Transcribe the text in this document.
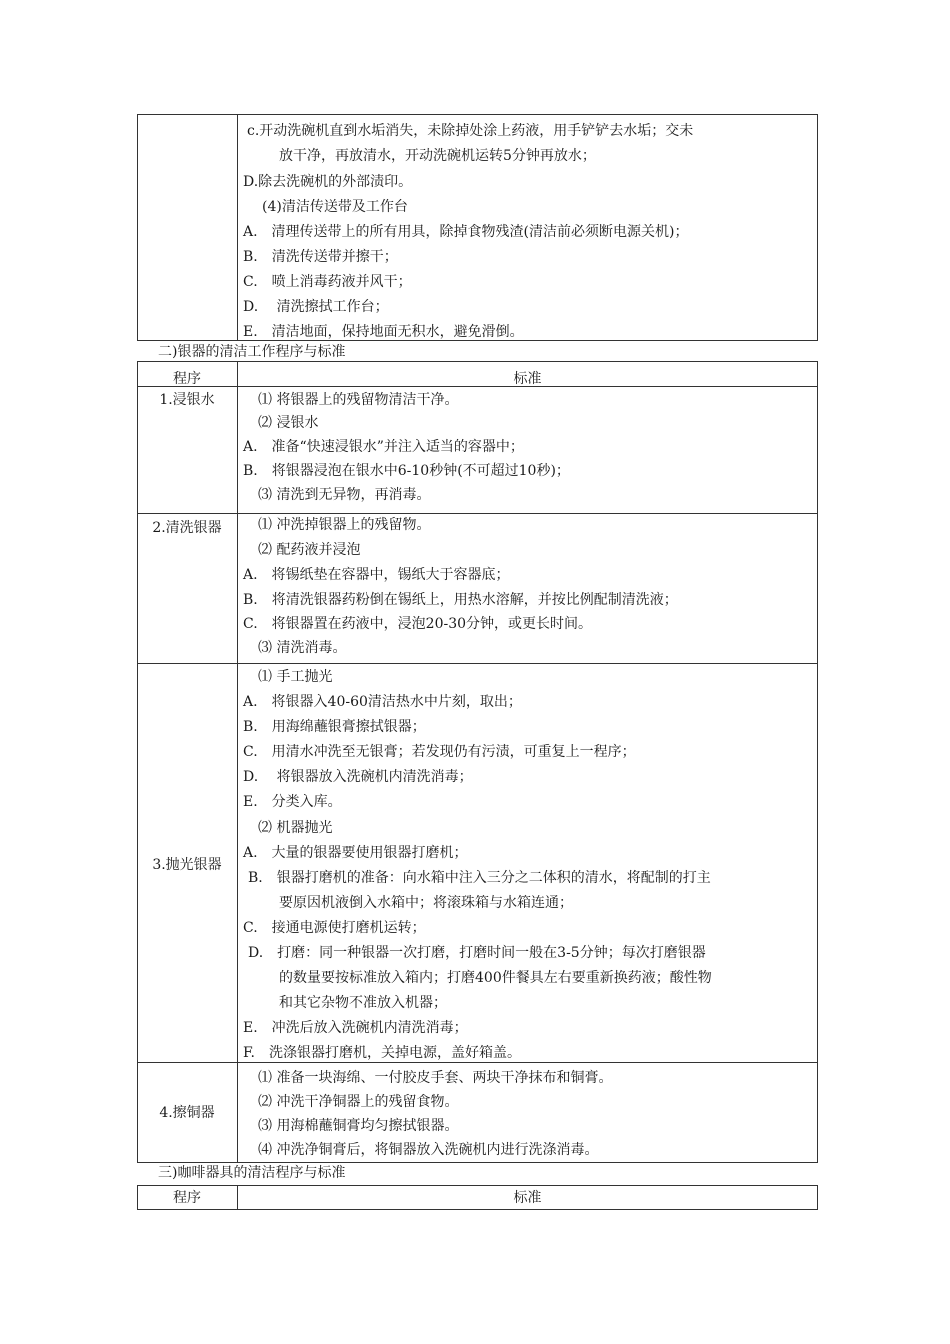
c.开动洗碗机直到水垢消失，未除掉处涂上药液，用手铲铲去水垢；交未
放干净，再放清水，开动洗碗机运转5分钟再放水；
D.除去洗碗机的外部渍印。
(4)清洁传送带及工作台
A.　清理传送带上的所有用具，除掉食物残渣(清洁前必须断电源关机)；
B.　清洗传送带并擦干；
C.　喷上消毒药液并风干；
D.　 清洗擦拭工作台；
E.　清洁地面，保持地面无积水，避免滑倒。
二)银器的清洁工作程序与标准
程序	标准
1.浸银水	⑴ 将银器上的残留物清洁干净。
⑵ 浸银水
A.　准备“快速浸银水”并注入适当的容器中；
B.　将银器浸泡在银水中6-10秒钟(不可超过10秒)；
⑶ 清洗到无异物，再消毒。
2.清洗银器	⑴ 冲洗掉银器上的残留物。
⑵ 配药液并浸泡
A.　将锡纸垫在容器中，锡纸大于容器底；
B.　将清洗银器药粉倒在锡纸上，用热水溶解，并按比例配制清洗液；
C.　将银器置在药液中，浸泡20-30分钟，或更长时间。
⑶ 清洗消毒。
3.抛光银器
⑴ 手工抛光
A.　将银器入40-60清洁热水中片刻，取出；
B.　用海绵蘸银膏擦拭银器；
C.　用清水冲洗至无银膏；若发现仍有污渍，可重复上一程序；
D.　 将银器放入洗碗机内清洗消毒；
E.　分类入库。
⑵ 机器抛光
A.　大量的银器要使用银器打磨机；
B.　银器打磨机的准备：向水箱中注入三分之二体积的清水，将配制的打主
要原因机液倒入水箱中；将滚珠箱与水箱连通；
C.　接通电源使打磨机运转；
D.　打磨：同一种银器一次打磨，打磨时间一般在3-5分钟；每次打磨银器
的数量要按标准放入箱内；打磨400件餐具左右要重新换药液；酸性物
和其它杂物不准放入机器；
E.　冲洗后放入洗碗机内清洗消毒；
F.　洗涤银器打磨机，关掉电源，盖好箱盖。
4.擦铜器
⑴ 准备一块海绵、一付胶皮手套、两块干净抹布和铜膏。
⑵ 冲洗干净铜器上的残留食物。
⑶ 用海棉蘸铜膏均匀擦拭银器。
⑷ 冲洗净铜膏后，将铜器放入洗碗机内进行洗涤消毒。
三)咖啡器具的清洁程序与标准
程序	标准
